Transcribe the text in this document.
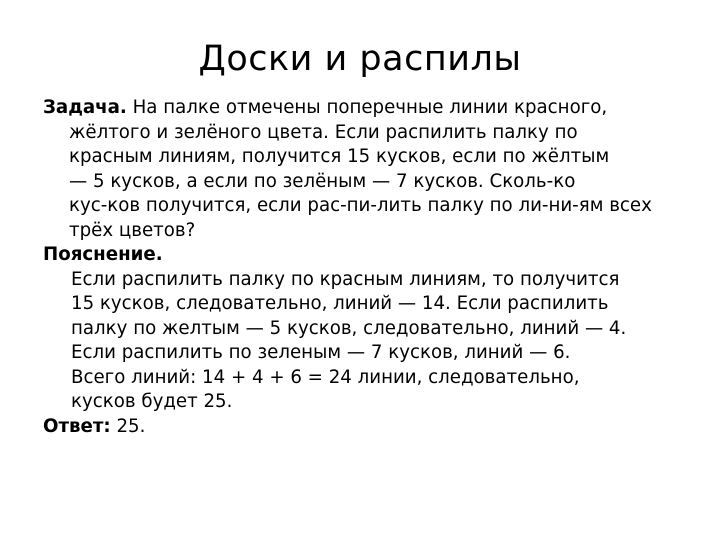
Доски и распилы
Задача. На палке отмечены поперечные линии красного,
жёлтого и зелёного цвета. Если распилить палку по
красным линиям, получится 15 кусков, если по жёлтым
— 5 кусков, а если по зелёным — 7 кусков. Сколь-ко
кус-ков получится, если рас-пи-лить палку по ли-ни-ям всех
трёх цветов?
Пояснение.
Если распилить палку по красным линиям, то получится
15 кусков, следовательно, линий — 14. Если распилить
палку по желтым — 5 кусков, следовательно, линий — 4.
Если распилить по зеленым — 7 кусков, линий — 6.
Всего линий: 14 + 4 + 6 = 24 линии, следовательно,
кусков будет 25.
Ответ: 25.
